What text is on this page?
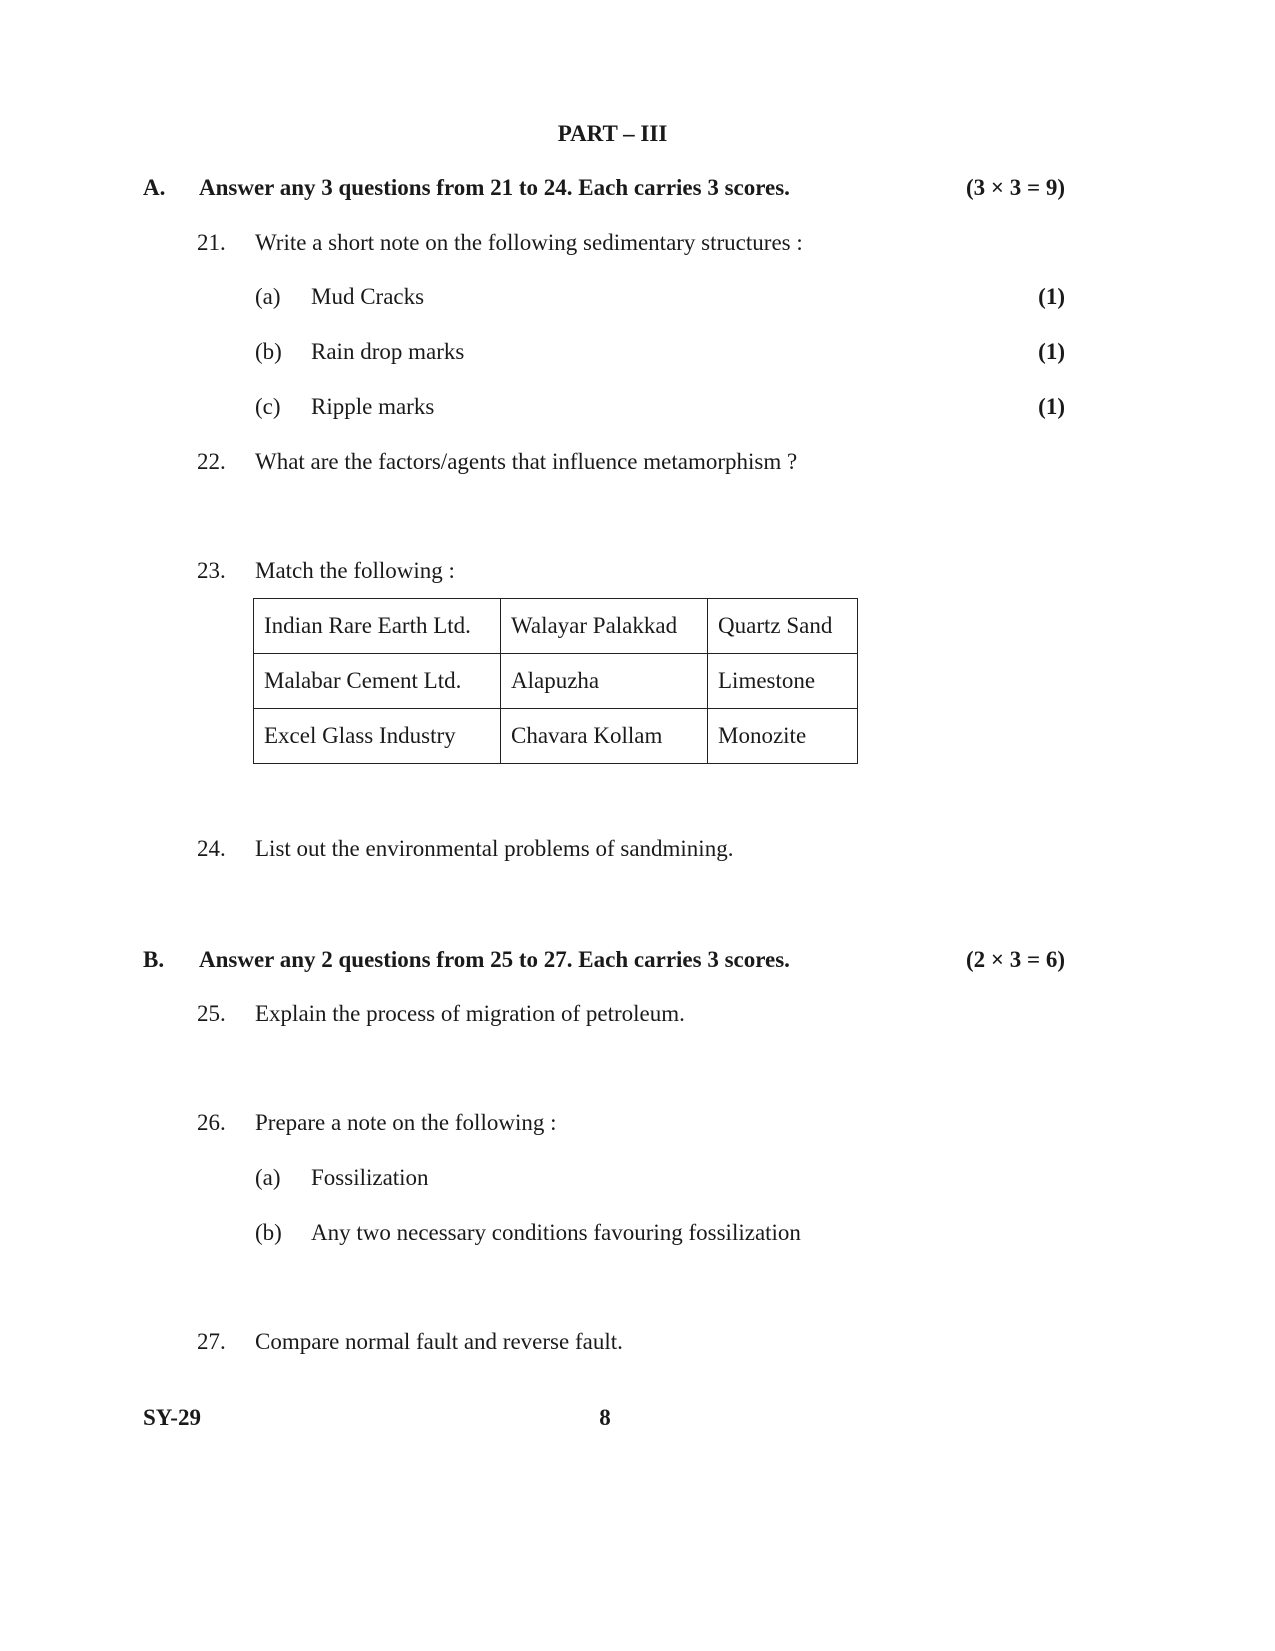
PART – III
A. Answer any 3 questions from 21 to 24. Each carries 3 scores.	(3 × 3 = 9)
21. Write a short note on the following sedimentary structures :
(a) Mud Cracks	(1)
(b) Rain drop marks	(1)
(c) Ripple marks	(1)
22. What are the factors/agents that influence metamorphism ?
23. Match the following :
Indian Rare Earth Ltd.	Walayar Palakkad	Quartz Sand
Malabar Cement Ltd.	Alapuzha	Limestone
Excel Glass Industry	Chavara Kollam	Monozite
24. List out the environmental problems of sandmining.
B. Answer any 2 questions from 25 to 27. Each carries 3 scores.	(2 × 3 = 6)
25. Explain the process of migration of petroleum.
26. Prepare a note on the following :
(a) Fossilization
(b) Any two necessary conditions favouring fossilization
27. Compare normal fault and reverse fault.
SY-29	8
